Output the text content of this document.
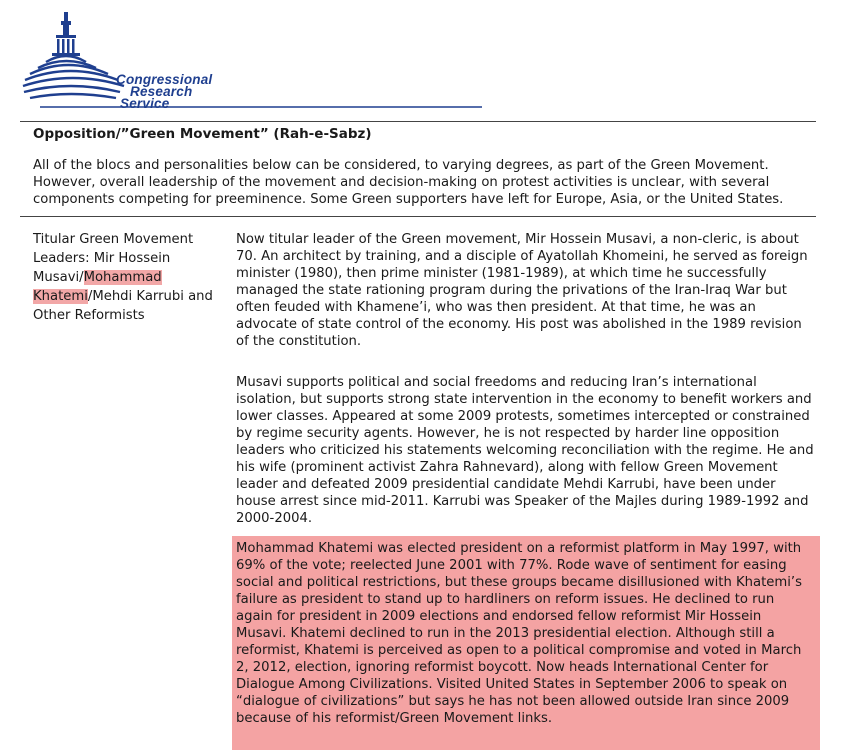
Congressional
Research
Service
Opposition/”Green Movement” (Rah-e-Sabz)
All of the blocs and personalities below can be considered, to varying degrees, as part of the Green Movement. However, overall leadership of the movement and decision-making on protest activities is unclear, with several components competing for preeminence. Some Green supporters have left for Europe, Asia, or the United States.
Titular Green Movement Leaders: Mir Hossein Musavi/Mohammad Khatemi/Mehdi Karrubi and Other Reformists
Now titular leader of the Green movement, Mir Hossein Musavi, a non-cleric, is about 70. An architect by training, and a disciple of Ayatollah Khomeini, he served as foreign minister (1980), then prime minister (1981-1989), at which time he successfully managed the state rationing program during the privations of the Iran-Iraq War but often feuded with Khamene’i, who was then president. At that time, he was an advocate of state control of the economy. His post was abolished in the 1989 revision of the constitution.
Musavi supports political and social freedoms and reducing Iran’s international isolation, but supports strong state intervention in the economy to benefit workers and lower classes. Appeared at some 2009 protests, sometimes intercepted or constrained by regime security agents. However, he is not respected by harder line opposition leaders who criticized his statements welcoming reconciliation with the regime. He and his wife (prominent activist Zahra Rahnevard), along with fellow Green Movement leader and defeated 2009 presidential candidate Mehdi Karrubi, have been under house arrest since mid-2011. Karrubi was Speaker of the Majles during 1989-1992 and 2000-2004.
Mohammad Khatemi was elected president on a reformist platform in May 1997, with 69% of the vote; reelected June 2001 with 77%. Rode wave of sentiment for easing social and political restrictions, but these groups became disillusioned with Khatemi’s failure as president to stand up to hardliners on reform issues. He declined to run again for president in 2009 elections and endorsed fellow reformist Mir Hossein Musavi. Khatemi declined to run in the 2013 presidential election. Although still a reformist, Khatemi is perceived as open to a political compromise and voted in March 2, 2012, election, ignoring reformist boycott. Now heads International Center for Dialogue Among Civilizations. Visited United States in September 2006 to speak on “dialogue of civilizations” but says he has not been allowed outside Iran since 2009 because of his reformist/Green Movement links.
